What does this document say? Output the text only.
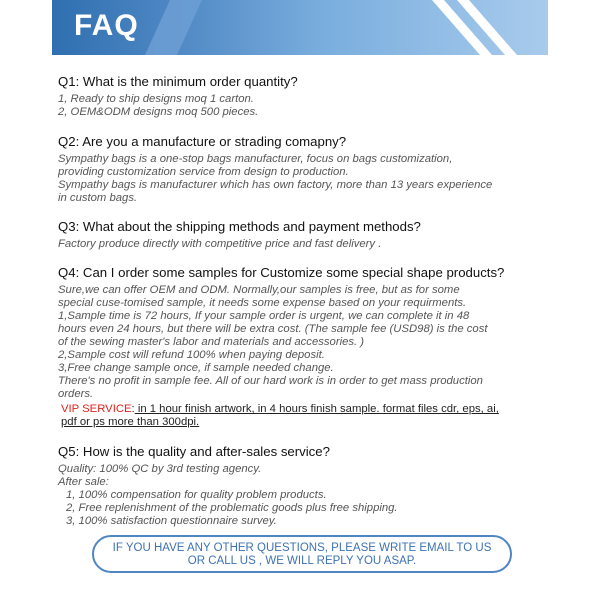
FAQ

Q1: What is the minimum order quantity?

1, Ready to ship designs moq 1 carton.

2, OEM&ODM designs moq 500 pieces.

Q2: Are you a manufacture or strading comapny?

Sympathy bags is a one-stop bags manufacturer, focus on bags customization,

providing customization service from design to production.

Sympathy bags is manufacturer which has own factory, more than 13 years experience

in custom bags.

Q3: What about the shipping methods and payment methods?

Factory produce directly with competitive price and fast delivery .

Q4: Can I order some samples for Customize some special shape products?

Sure,we can offer OEM and ODM. Normally,our samples is free, but as for some

special cuse-tomised sample, it needs some expense based on your requirments.

1,Sample time is 72 hours, If your sample order is urgent, we can complete it in 48

hours even 24 hours, but there will be extra cost. (The sample fee (USD98) is the cost

of the sewing master's labor and materials and accessories. )

2,Sample cost will refund 100% when paying deposit.

3,Free change sample once, if sample needed change.

There's no profit in sample fee. All of our hard work is in order to get mass production

orders.

VIP SERVICE: in 1 hour finish artwork, in 4 hours finish sample. format files cdr, eps, ai,

pdf or ps more than 300dpi.

Q5: How is the quality and after-sales service?

Quality: 100% QC by 3rd testing agency.

After sale:

1, 100% compensation for quality problem products.

2, Free replenishment of the problematic goods plus free shipping.

3, 100% satisfaction questionnaire survey.

IF YOU HAVE ANY OTHER QUESTIONS, PLEASE WRITE EMAIL TO US
OR CALL US , WE WILL REPLY YOU ASAP.
